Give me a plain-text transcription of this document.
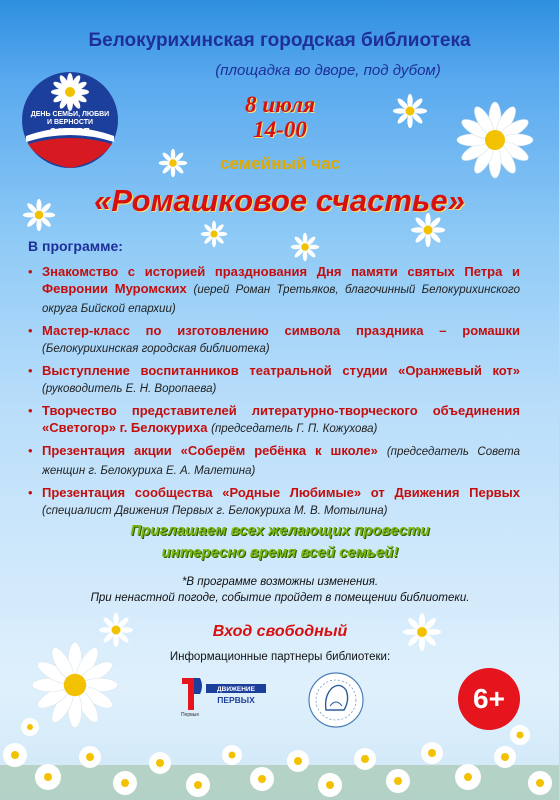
ДЕНЬ СЕМЬИ, ЛЮБВИ
И ВЕРНОСТИ
8 ИЮЛЯ
Белокурихинская городская библиотека
(площадка во дворе, под дубом)
8 июля
14-00
семейный час
«Ромашковое счастье»
В программе:
• Знакомство с историей празднования Дня памяти святых Петра и Февронии Муромских (иерей Роман Третьяков, благочинный Белокурихинского округа Бийской епархии)
• Мастер-класс по изготовлению символа праздника – ромашки (Белокурихинская городская библиотека)
• Выступление воспитанников театральной студии «Оранжевый кот» (руководитель Е. Н. Воропаева)
• Творчество представителей литературно-творческого объединения «Светогор» г. Белокуриха (председатель Г. П. Кожухова)
• Презентация акции «Соберём ребёнка к школе» (председатель Совета женщин г. Белокуриха Е. А. Малетина)
• Презентация сообщества «Родные Любимые» от Движения Первых (специалист Движения Первых г. Белокуриха М. В. Мотылина)
Приглашаем всех желающих провести
интересно время всей семьей!
*В программе возможны изменения.
При ненастной погоде, событие пройдет в помещении библиотеки.
Вход свободный
Информационные партнеры библиотеки:
Первые
ДВИЖЕНИЕ
ПЕРВЫХ	6+
